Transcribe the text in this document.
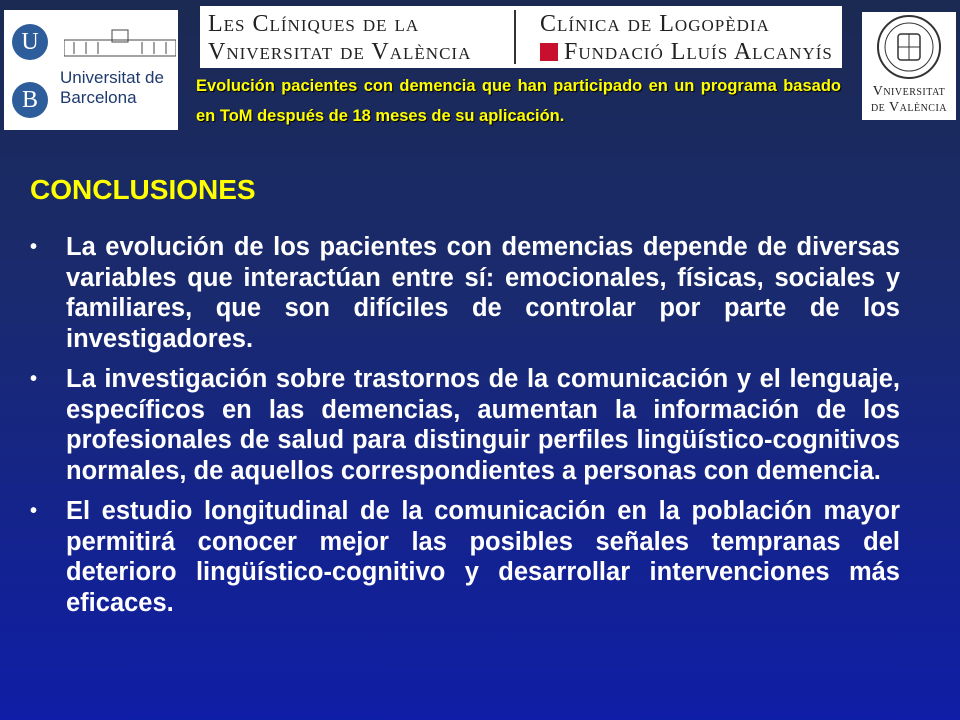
U
B
Universitat de Barcelona
Les Clíniques de la
Vniversitat de València
Clínica de Logopèdia
Fundació Lluís Alcanyís
Vniversitat
de València
Evolución pacientes con demencia que han participado en un programa basado en ToM después de 18 meses de su aplicación.
CONCLUSIONES
•	La evolución de los pacientes con demencias depende de diversas variables que interactúan entre sí: emocionales, físicas, sociales y familiares, que son difíciles de controlar por parte de los investigadores.
•	La investigación sobre trastornos de la comunicación y el lenguaje, específicos en las demencias, aumentan la información de los profesionales de salud para distinguir perfiles lingüístico-cognitivos normales, de aquellos correspondientes a personas con demencia.
•	El estudio longitudinal de la comunicación en la población mayor permitirá conocer mejor las posibles señales tempranas del deterioro lingüístico-cognitivo y desarrollar intervenciones más eficaces.
